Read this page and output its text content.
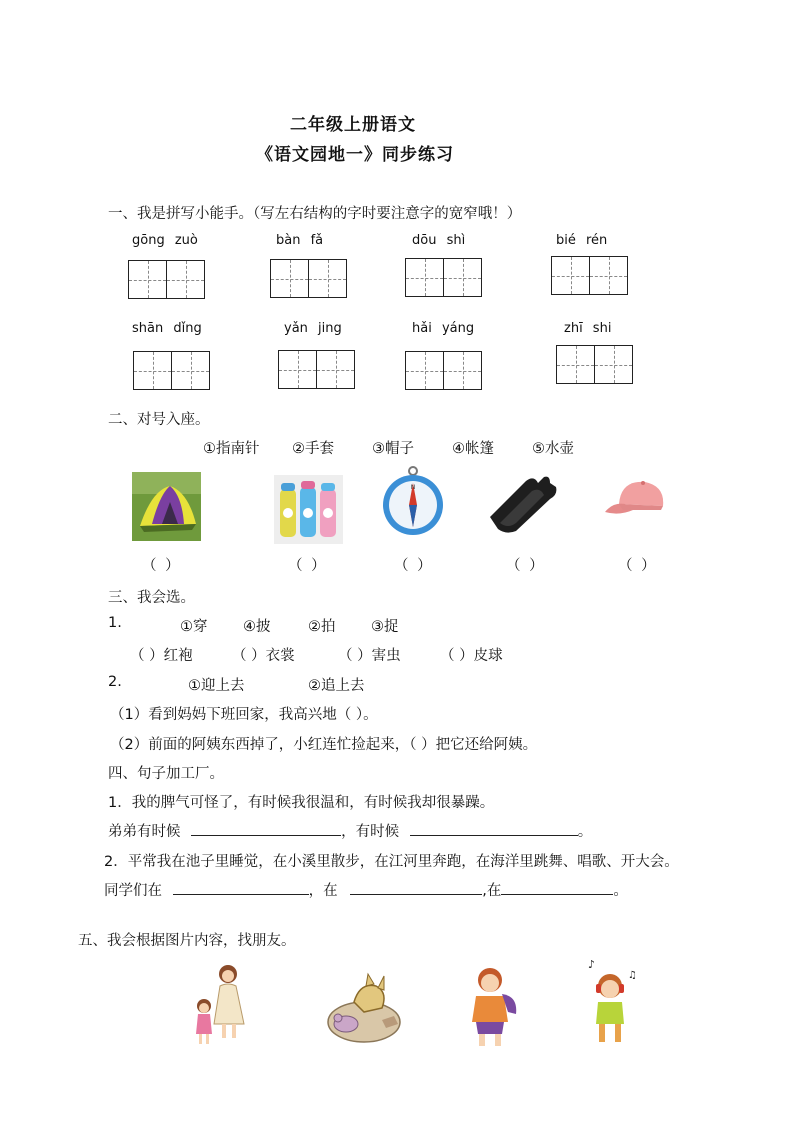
二年级上册语文
《语文园地一》同步练习
一、我是拼写小能手。（写左右结构的字时要注意字的宽窄哦！）
gōng zuò	bàn fǎ	dōu shì	bié rén
shān dǐng	yǎn jing	hǎi yáng	zhī shi
二、对号入座。
①指南针 ②手套	③帽子	④帐篷	⑤水壶
N
（ ）	（ ）	（ ）	（ ）	（ ）
三、我会选。
1.	①穿 ④披	②拍 ③捉
（ ）红袍	（ ）衣裳	（ ）害虫	（ ）皮球
2.	①迎上去	②追上去
（1）看到妈妈下班回家，我高兴地（ ）。
（2）前面的阿姨东西掉了，小红连忙捡起来，（ ）把它还给阿姨。
四、句子加工厂。
1．我的脾气可怪了，有时候我很温和，有时候我却很暴躁。
弟弟有时候	，有时候	。
2．平常我在池子里睡觉，在小溪里散步，在江河里奔跑，在海洋里跳舞、唱歌、开大会。
同学们在	，在	,在	。
五、我会根据图片内容，找朋友。
♪
♫
